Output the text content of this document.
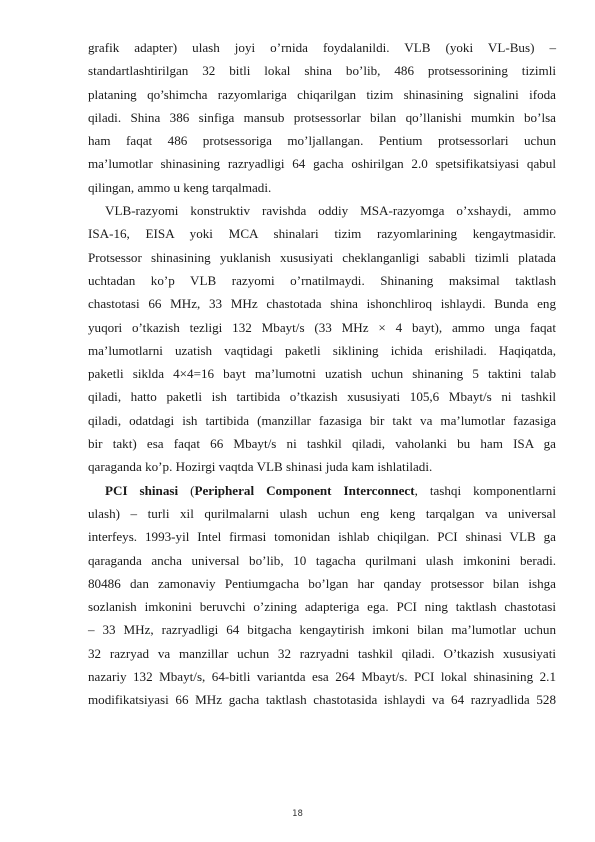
grafik adapter) ulash joyi o’rnida foydalanildi. VLB (yoki VL-Bus) –
standartlashtirilgan 32 bitli lokal shina bo’lib, 486 protsessorining tizimli
plataning qo’shimcha razyomlariga chiqarilgan tizim shinasining signalini ifoda
qiladi. Shina 386 sinfiga mansub protsessorlar bilan qo’llanishi mumkin bo’lsa
ham faqat 486 protsessoriga mo’ljallangan. Pentium protsessorlari uchun
ma’lumotlar shinasining razryadligi 64 gacha oshirilgan 2.0 spetsifikatsiyasi qabul
qilingan, ammo u keng tarqalmadi.

VLB-razyomi konstruktiv ravishda oddiy MSA-razyomga o’xshaydi, ammo
ISA-16, EISA yoki MCA shinalari tizim razyomlarining kengaytmasidir.
Protsessor shinasining yuklanish xususiyati cheklanganligi sababli tizimli platada
uchtadan ko’p VLB razyomi o’rnatilmaydi. Shinaning maksimal taktlash
chastotasi 66 MHz, 33 MHz chastotada shina ishonchliroq ishlaydi. Bunda eng
yuqori o’tkazish tezligi 132 Mbayt/s (33 MHz × 4 bayt), ammo unga faqat
ma’lumotlarni uzatish vaqtidagi paketli siklining ichida erishiladi. Haqiqatda,
paketli siklda 4×4=16 bayt ma’lumotni uzatish uchun shinaning 5 taktini talab
qiladi, hatto paketli ish tartibida o’tkazish xususiyati 105,6 Mbayt/s ni tashkil
qiladi, odatdagi ish tartibida (manzillar fazasiga bir takt va ma’lumotlar fazasiga
bir takt) esa faqat 66 Mbayt/s ni tashkil qiladi, vaholanki bu ham ISA ga
qaraganda ko’p. Hozirgi vaqtda VLB shinasi juda kam ishlatiladi.

PCI shinasi (Peripheral Component Interconnect, tashqi komponentlarni
ulash) – turli xil qurilmalarni ulash uchun eng keng tarqalgan va universal
interfeys. 1993-yil Intel firmasi tomonidan ishlab chiqilgan. PCI shinasi VLB ga
qaraganda ancha universal bo’lib, 10 tagacha qurilmani ulash imkonini beradi.
80486 dan zamonaviy Pentiumgacha bo’lgan har qanday protsessor bilan ishga
sozlanish imkonini beruvchi o’zining adapteriga ega. PCI ning taktlash chastotasi
– 33 MHz, razryadligi 64 bitgacha kengaytirish imkoni bilan ma’lumotlar uchun
32 razryad va manzillar uchun 32 razryadni tashkil qiladi. O’tkazish xususiyati
nazariy 132 Mbayt/s, 64-bitli variantda esa 264 Mbayt/s. PCI lokal shinasining 2.1
modifikatsiyasi 66 MHz gacha taktlash chastotasida ishlaydi va 64 razryadlida 528

18
